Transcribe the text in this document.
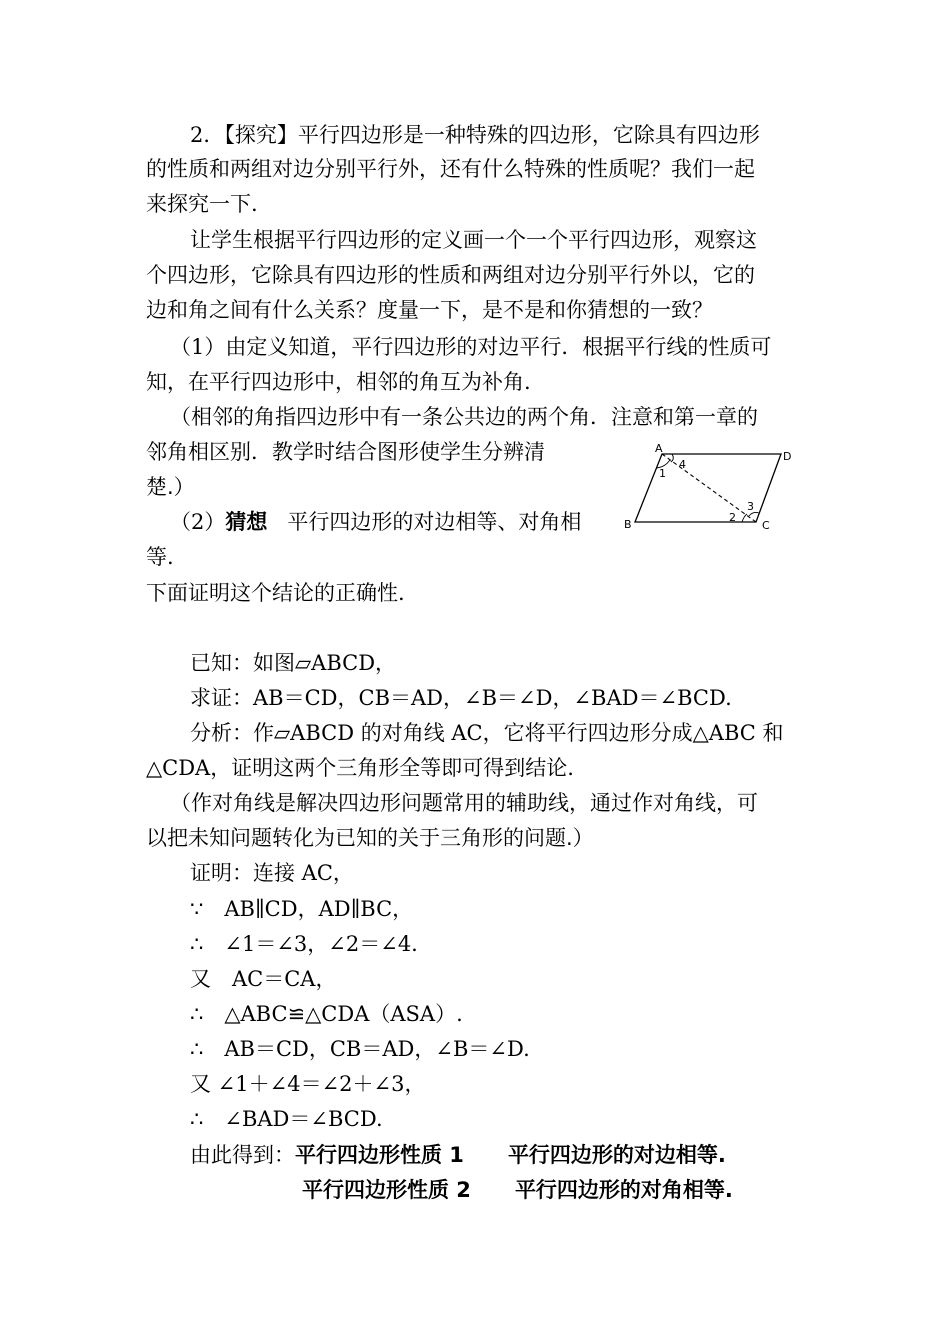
2．【探究】平行四边形是一种特殊的四边形，它除具有四边形
的性质和两组对边分别平行外，还有什么特殊的性质呢？我们一起
来探究一下.
让学生根据平行四边形的定义画一个一个平行四边形，观察这
个四边形，它除具有四边形的性质和两组对边分别平行外以，它的
边和角之间有什么关系？度量一下，是不是和你猜想的一致？
（1）由定义知道，平行四边形的对边平行．根据平行线的性质可
知，在平行四边形中，相邻的角互为补角.
（相邻的角指四边形中有一条公共边的两个角．注意和第一章的
邻角相区别．教学时结合图形使学生分辨清
楚.）
（2）猜想 平行四边形的对边相等、对角相
等.
下面证明这个结论的正确性.
已知：如图▱ABCD，
求证：AB＝CD，CB＝AD，∠B＝∠D，∠BAD＝∠BCD.
分析：作▱ABCD 的对角线 AC，它将平行四边形分成△ABC 和
△CDA，证明这两个三角形全等即可得到结论.
（作对角线是解决四边形问题常用的辅助线，通过作对角线，可
以把未知问题转化为已知的关于三角形的问题.）
证明：连接 AC，
∵　AB∥CD，AD∥BC，
∴　∠1＝∠3，∠2＝∠4.
又　AC＝CA，
∴　△ABC≌△CDA（ASA）.
∴　AB＝CD，CB＝AD，∠B＝∠D.
又 ∠1＋∠4＝∠2＋∠3，
∴　∠BAD＝∠BCD.
由此得到：平行四边形性质 1 平行四边形的对边相等.
平行四边形性质 2 平行四边形的对角相等.
A
D
B	C
1
4
2
3
